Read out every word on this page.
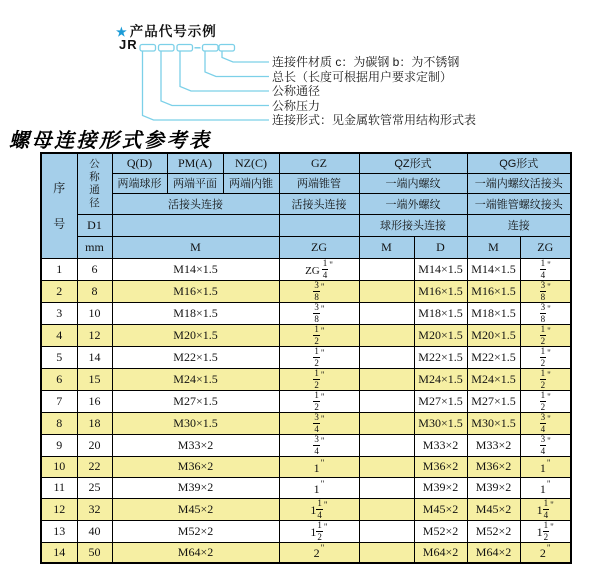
★ 产品代号示例
JR
连接件材质 c：为碳钢 b：为不锈钢
总长（长度可根据用户要求定制）
公称通径
公称压力
连接形式：见金属软管常用结构形式表
螺母连接形式参考表
序
号	公
称
通
径	Q(D)	PM(A)	NZ(C)	GZ	QZ形式		QG形式	
		两端球形	两端平面	两端内锥	两端锥管	一端内螺纹		一端内螺纹活接头	
		活接头连接			活接头连接	一端外螺纹		一端锥管螺纹接头	
	D1					球形接头连接		连接	
	mm	M			ZG	M	D	M	ZG
1	6	M14×1.5			ZG $\frac{1}{4} ^"$		M14×1.5	M14×1.5	$\frac{1}{4} ^"$
2	8	M16×1.5			$\frac{3}{8} ^"$		M16×1.5	M16×1.5	$\frac{3}{8} ^"$
3	10	M18×1.5			$\frac{3}{8} ^"$		M18×1.5	M18×1.5	$\frac{3}{8} ^"$
4	12	M20×1.5			$\frac{1}{2} ^"$		M20×1.5	M20×1.5	$\frac{1}{2} ^"$
5	14	M22×1.5			$\frac{1}{2} ^"$		M22×1.5	M22×1.5	$\frac{1}{2} ^"$
6	15	M24×1.5			$\frac{1}{2} ^"$		M24×1.5	M24×1.5	$\frac{1}{2} ^"$
7	16	M27×1.5			$\frac{1}{2} ^"$		M27×1.5	M27×1.5	$\frac{1}{2} ^"$
8	18	M30×1.5			$\frac{3}{4} ^"$		M30×1.5	M30×1.5	$\frac{3}{4} ^"$
9	20	M33×2			$\frac{3}{4} ^"$		M33×2	M33×2	$\frac{3}{4} ^"$
10	22	M36×2			1"		M36×2	M36×2	1"
11	25	M39×2			1"		M39×2	M39×2	1"
12	32	M45×2			$1 \frac{1}{4} ^"$		M45×2	M45×2	$1 \frac{1}{4} ^"$
13	40	M52×2			$1 \frac{1}{2} ^"$		M52×2	M52×2	$1 \frac{1}{2} ^"$
14	50	M64×2			2"		M64×2	M64×2	2"
